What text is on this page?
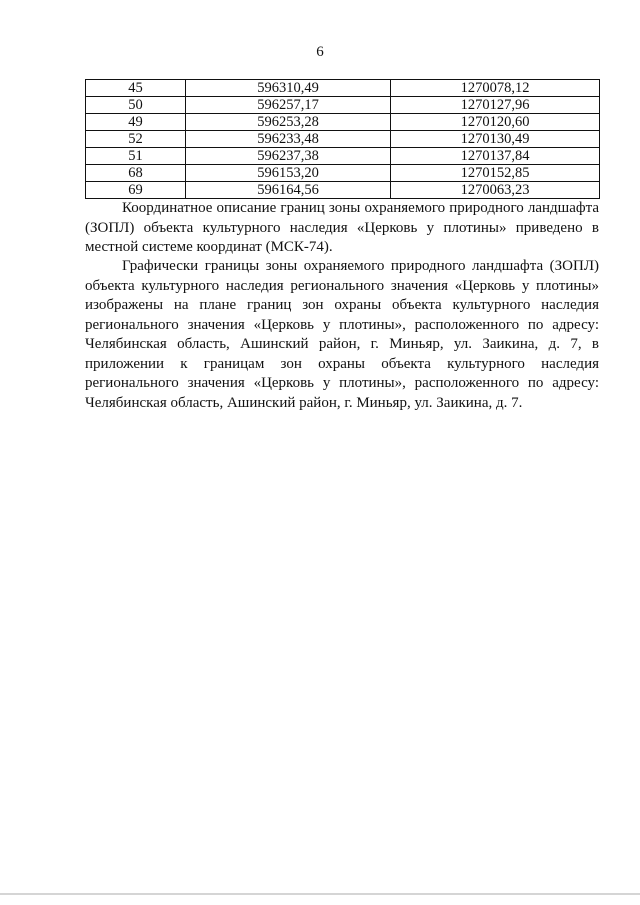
6
45	596310,49	1270078,12
50	596257,17	1270127,96
49	596253,28	1270120,60
52	596233,48	1270130,49
51	596237,38	1270137,84
68	596153,20	1270152,85
69	596164,56	1270063,23

Координатное описание границ зоны охраняемого природного ландшафта (ЗОПЛ) объекта культурного наследия «Церковь у плотины» приведено в местной системе координат (МСК-74).

Графически границы зоны охраняемого природного ландшафта (ЗОПЛ) объекта культурного наследия регионального значения «Церковь у плотины» изображены на плане границ зон охраны объекта культурного наследия регионального значения «Церковь у плотины», расположенного по адресу: Челябинская область, Ашинский район, г. Миньяр, ул. Заикина, д. 7, в приложении к границам зон охраны объекта культурного наследия регионального значения «Церковь у плотины», расположенного по адресу: Челябинская область, Ашинский район, г. Миньяр, ул. Заикина, д. 7.
